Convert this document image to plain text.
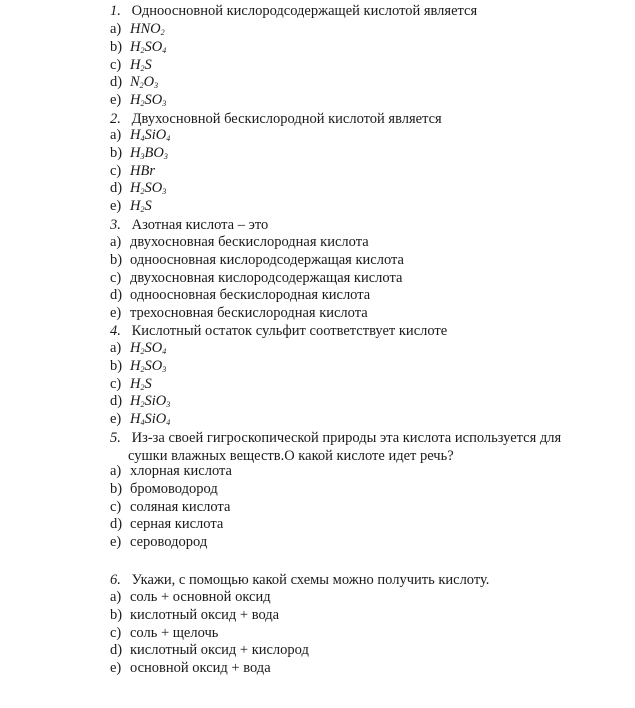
1. Одноосновной кислородсодержащей кислотой является
a) $HNO_2$
b) $H_2SO_4$
c) $H_2S$
d) $N_2O_3$
e) $H_2SO_3$
2. Двухосновной бескислородной кислотой является
a) $H_4SiO_4$
b) $H_3BO_3$
c) HBr
d) $H_2SO_3$
e) $H_2S$
3. Азотная кислота – это
a) двухосновная бескислородная кислота
b) одноосновная кислородсодержащая кислота
c) двухосновная кислородсодержащая кислота
d) одноосновная бескислородная кислота
e) трехосновная бескислородная кислота
4. Кислотный остаток сульфит соответствует кислоте
a) $H_2SO_4$
b) $H_2SO_3$
c) $H_2S$
d) $H_2SiO_3$
e) $H_4SiO_4$
5. Из-за своей гигроскопической природы эта кислота используется для
сушки влажных веществ.О какой кислоте идет речь?
a) хлорная кислота
b) бромоводород
c) соляная кислота
d) серная кислота
e) сероводород
6. Укажи, с помощью какой схемы можно получить кислоту.
a) соль + основной оксид
b) кислотный оксид + вода
c) соль + щелочь
d) кислотный оксид + кислород
e) основной оксид + вода
